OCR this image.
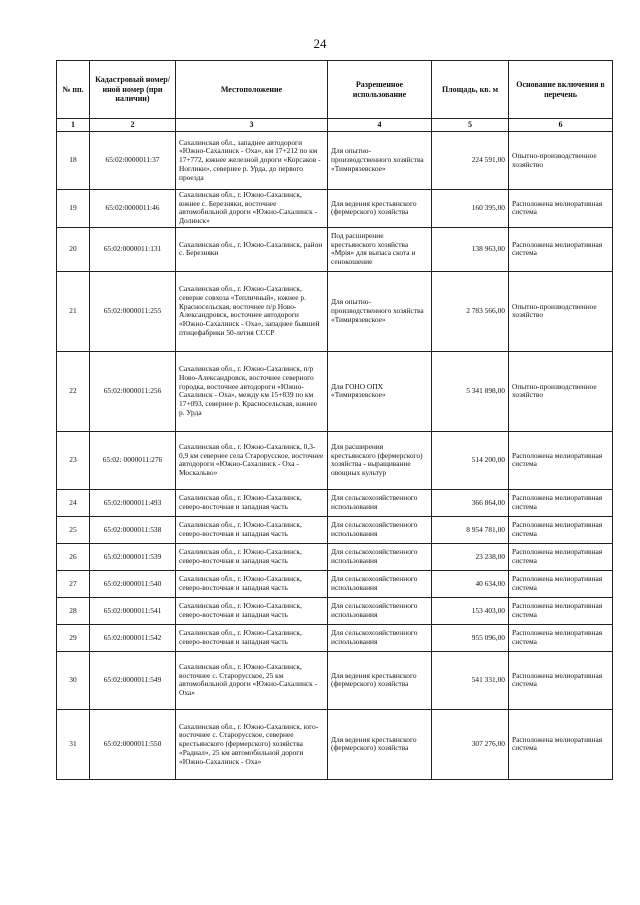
24
№ пп.	Кадастровый номер/иной номер (при наличии)	Местоположение	Разрешенное использование	Площадь, кв. м	Основание включения в перечень
1	2	3	4	5	6
18	65:02:0000011:37	Сахалинская обл., западнее автодороги «Южно-Сахалинск - Оха», км 17+212 по км 17+772, южнее железной дороги «Корсаков - Ноглики», севернее р. Урда, до первого проезда	Для опытно-производственного хозяйства «Тимирязевское»	224 591,00	Опытно-производственное хозяйство
19	65:02:0000011:46	Сахалинская обл., г. Южно-Сахалинск, южнее с. Березняки, восточнее автомобильной дороги «Южно-Сахалинск - Долинск»	Для ведения крестьянского (фермерского) хозяйства	160 395,00	Расположена мелиоративная система
20	65:02:0000011:131	Сахалинская обл., г. Южно-Сахалинск, район с. Березняки	Под расширение крестьянского хозяйства «Мрія» для выпаса скота и сенокошение	138 963,00	Расположена мелиоративная система
21	65:02:0000011:255	Сахалинская обл., г. Южно-Сахалинск, северне совхоза «Тепличный», южнее р. Красносельская, восточнее п/р Ново-Александровск, восточнее автодороги «Южно-Сахалинск - Оха», западнее бывшей птицефабрики 50-летия СССР	Для опытно-производственного хозяйства «Тимирязевское»	2 783 566,00	Опытно-производственное хозяйство
22	65:02:0000011:256	Сахалинская обл., г. Южно-Сахалинск, п/р Ново-Александровск, восточнее северного городка, восточнее автодороги «Южно-Сахалинск - Оха», между км 15+839 по км 17+093, севернее р. Красносельская, южнее р. Урда	Для ГОНО ОПХ «Тимирязевское»	5 341 898,00	Опытно-производственное хозяйство
23	65:02: 0000011:276	Сахалинская обл., г. Южно-Сахалинск, 0,3-0,9 км севернее села Старорусское, восточнее автодороги «Южно-Сахалинск - Оха - Москальво»	Для расширения крестьянского (фермерского) хозяйства - выращивание овощных культур	514 200,00	Расположена мелиоративная система
24	65:02:0000011:493	Сахалинская обл., г. Южно-Сахалинск, северо-восточная и западная часть	Для сельскохозяйственного использования	366 864,00	Расположена мелиоративная система
25	65:02:0000011:538	Сахалинская обл., г. Южно-Сахалинск, северо-восточная и западная часть	Для сельскохозяйственного использования	8 954 781,00	Расположена мелиоративная система
26	65:02:0000011:539	Сахалинская обл., г. Южно-Сахалинск, северо-восточная и западная часть	Для сельскохозяйственного использования	23 238,00	Расположена мелиоративная система
27	65:02:0000011:540	Сахалинская обл., г. Южно-Сахалинск, северо-восточная и западная часть	Для сельскохозяйственного использования	40 634,00	Расположена мелиоративная система
28	65:02:0000011:541	Сахалинская обл., г. Южно-Сахалинск, северо-восточная и западная часть	Для сельскохозяйственного использования	153 403,00	Расположена мелиоративная система
29	65:02:0000011:542	Сахалинская обл., г. Южно-Сахалинск, северо-восточная и западная часть	Для сельскохозяйственного использования	955 096,00	Расположена мелиоративная система
30	65:02:0000011:549	Сахалинская обл., г. Южно-Сахалинск, восточнее с. Старорусское, 25 км автомобильной дороги «Южно-Сахалинск - Оха»	Для ведения крестьянского (фермерского) хозяйства	541 331,00	Расположена мелиоративная система
31	65:02:0000011:550	Сахалинская обл., г. Южно-Сахалинск, юго-восточнее с. Старорусское, севернее крестьянского (фермерского) хозяйства «Радиал», 25 км автомобильной дороги «Южно-Сахалинск - Оха»	Для ведения крестьянского (фермерского) хозяйства	307 276,00	Расположена мелиоративная система
